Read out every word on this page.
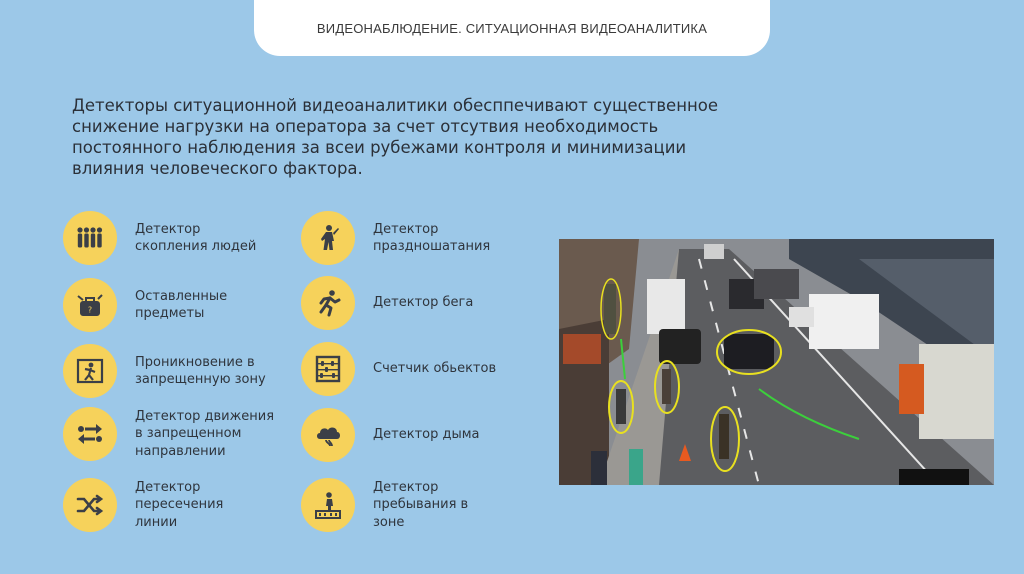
ВИДЕОНАБЛЮДЕНИЕ. СИТУАЦИОННАЯ ВИДЕОАНАЛИТИКА
Детекторы ситуационной видеоаналитики обесппечивают существенное
снижение нагрузки на оператора за счет отсутвия необходимость
постоянного наблюдения за всеи рубежами контроля и минимизации
влияния человеческого фактора.
Детектор
скопления людей
?
Оставленные
предметы
Проникновение в
запрещенную зону
Детектор движения
в запрещенном
направлении
Детектор
пересечения
линии
Детектор
праздношатания
Детектор бега
Счетчик обьектов
Детектор дыма
Детектор
пребывания в
зоне
